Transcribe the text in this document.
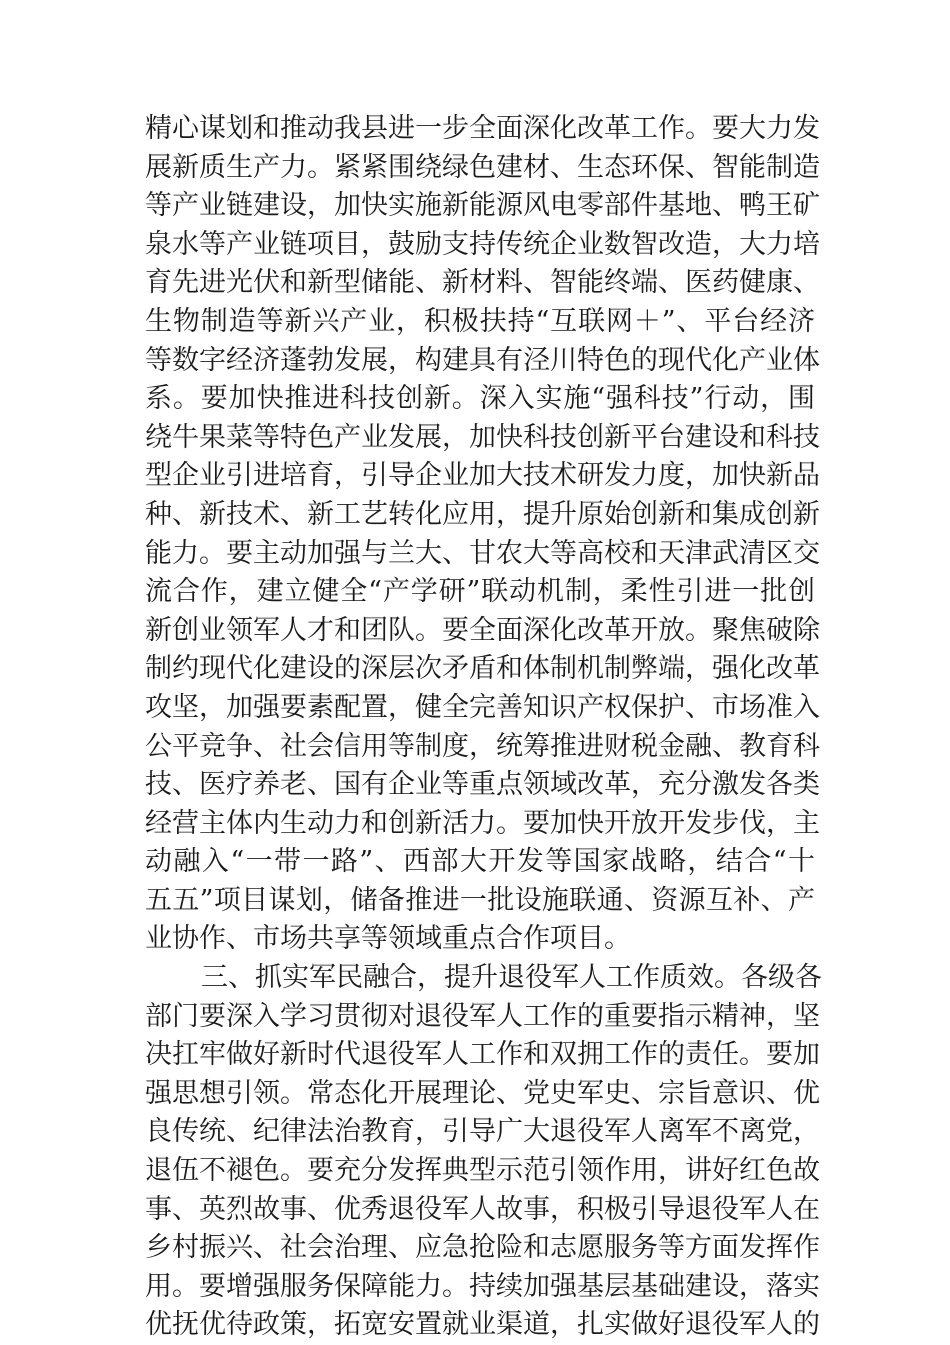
精心谋划和推动我县进一步全面深化改革工作。要大力发
展新质生产力。紧紧围绕绿色建材、生态环保、智能制造
等产业链建设，加快实施新能源风电零部件基地、鸭王矿
泉水等产业链项目，鼓励支持传统企业数智改造，大力培
育先进光伏和新型储能、新材料、智能终端、医药健康、
生物制造等新兴产业，积极扶持“互联网＋”、平台经济
等数字经济蓬勃发展，构建具有泾川特色的现代化产业体
系。要加快推进科技创新。深入实施“强科技”行动，围
绕牛果菜等特色产业发展，加快科技创新平台建设和科技
型企业引进培育，引导企业加大技术研发力度，加快新品
种、新技术、新工艺转化应用，提升原始创新和集成创新
能力。要主动加强与兰大、甘农大等高校和天津武清区交
流合作，建立健全“产学研”联动机制，柔性引进一批创
新创业领军人才和团队。要全面深化改革开放。聚焦破除
制约现代化建设的深层次矛盾和体制机制弊端，强化改革
攻坚，加强要素配置，健全完善知识产权保护、市场准入
公平竞争、社会信用等制度，统筹推进财税金融、教育科
技、医疗养老、国有企业等重点领域改革，充分激发各类
经营主体内生动力和创新活力。要加快开放开发步伐，主
动融入“一带一路”、西部大开发等国家战略，结合“十
五五”项目谋划，储备推进一批设施联通、资源互补、产
业协作、市场共享等领域重点合作项目。
三、抓实军民融合，提升退役军人工作质效。各级各
部门要深入学习贯彻对退役军人工作的重要指示精神，坚
决扛牢做好新时代退役军人工作和双拥工作的责任。要加
强思想引领。常态化开展理论、党史军史、宗旨意识、优
良传统、纪律法治教育，引导广大退役军人离军不离党，
退伍不褪色。要充分发挥典型示范引领作用，讲好红色故
事、英烈故事、优秀退役军人故事，积极引导退役军人在
乡村振兴、社会治理、应急抢险和志愿服务等方面发挥作
用。要增强服务保障能力。持续加强基层基础建设，落实
优抚优待政策，拓宽安置就业渠道，扎实做好退役军人的
